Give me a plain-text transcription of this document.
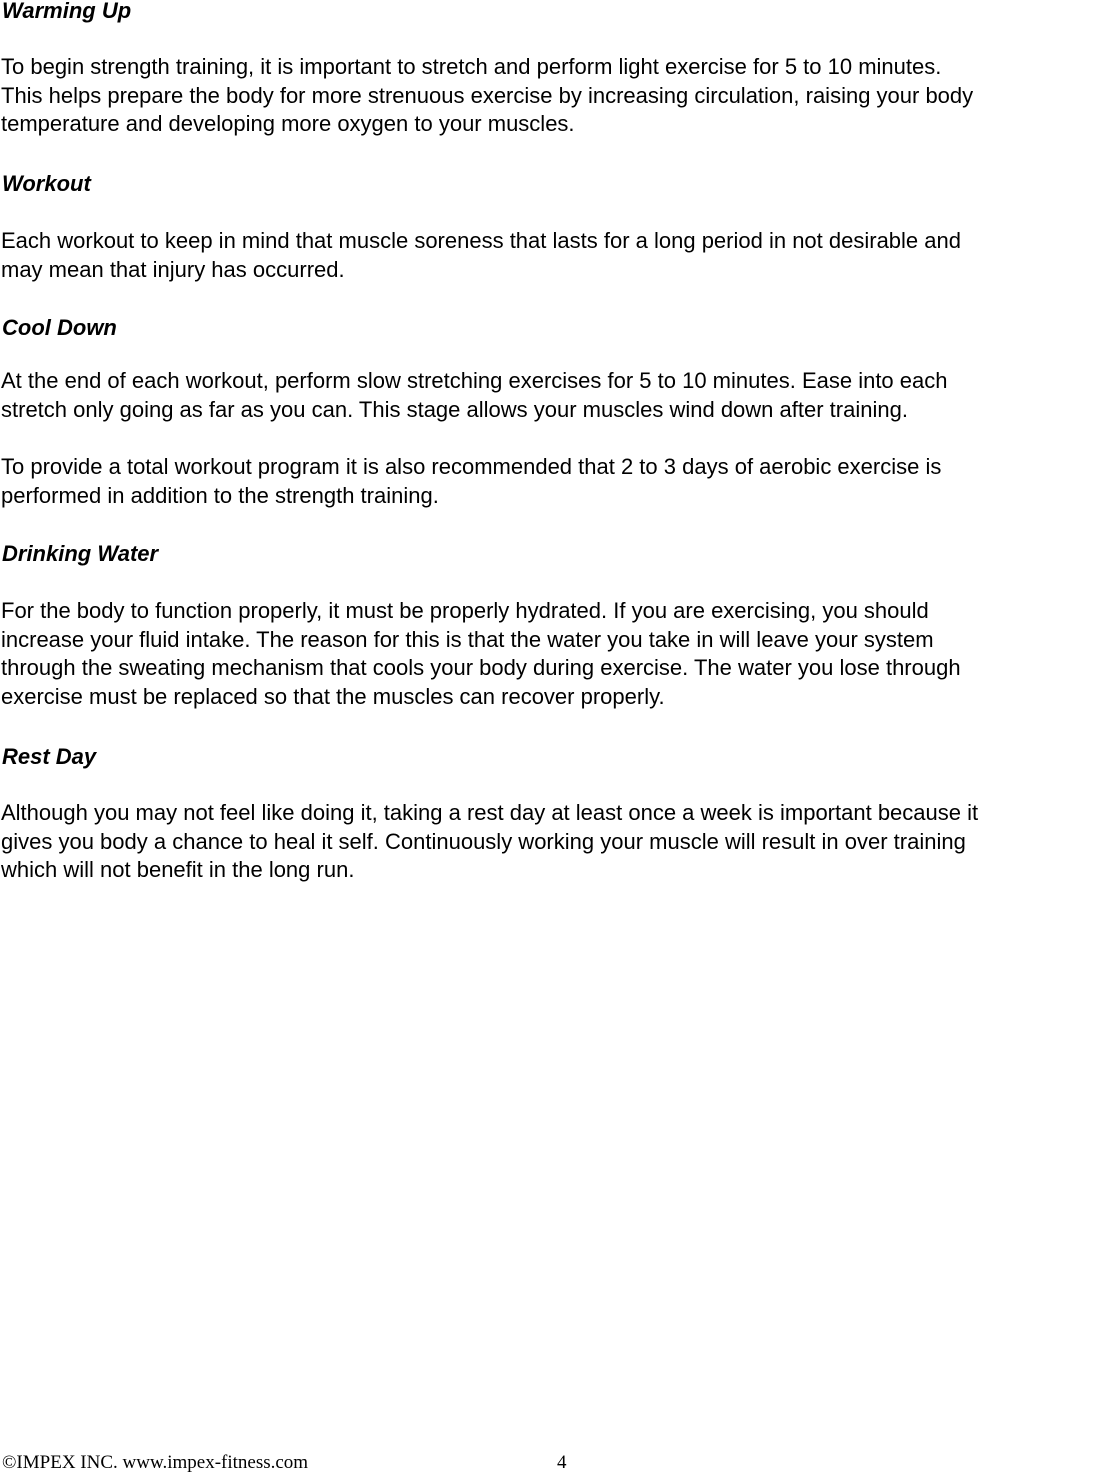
Warming Up

To begin strength training, it is important to stretch and perform light exercise for 5 to 10 minutes.
This helps prepare the body for more strenuous exercise by increasing circulation, raising your body
temperature and developing more oxygen to your muscles.

Workout

Each workout to keep in mind that muscle soreness that lasts for a long period in not desirable and
may mean that injury has occurred.

Cool Down

At the end of each workout, perform slow stretching exercises for 5 to 10 minutes. Ease into each
stretch only going as far as you can. This stage allows your muscles wind down after training.

To provide a total workout program it is also recommended that 2 to 3 days of aerobic exercise is
performed in addition to the strength training.

Drinking Water

For the body to function properly, it must be properly hydrated. If you are exercising, you should
increase your fluid intake. The reason for this is that the water you take in will leave your system
through the sweating mechanism that cools your body during exercise. The water you lose through
exercise must be replaced so that the muscles can recover properly.

Rest Day

Although you may not feel like doing it, taking a rest day at least once a week is important because it
gives you body a chance to heal it self. Continuously working your muscle will result in over training
which will not benefit in the long run.

©IMPEX INC. www.impex-fitness.com	4
